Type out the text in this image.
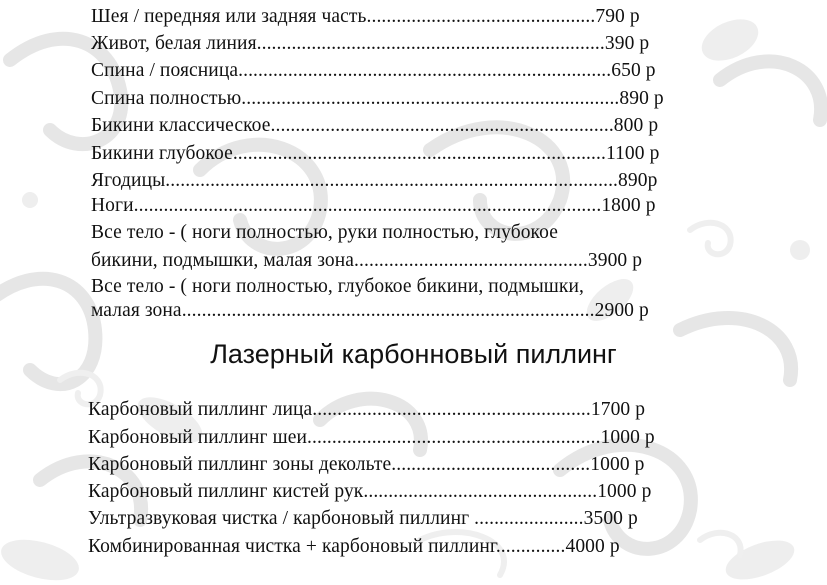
Шея / передняя или задняя часть..............................................790 р
Живот, белая линия......................................................................390 р
Спина / поясница...........................................................................650 р
Спина полностью............................................................................890 р
Бикини классическое.....................................................................800 р
Бикини глубокое...........................................................................1100 р
Ягодицы...........................................................................................890р
Ноги..............................................................................................1800 р
Все тело - ( ноги полностью, руки полностью, глубокое
бикини, подмышки, малая зона...............................................3900 р
Все тело - ( ноги полностью, глубокое бикини, подмышки,
малая зона...................................................................................2900 р
Лазерный карбонновый пиллинг
Карбоновый пиллинг лица........................................................1700 р
Карбоновый пиллинг шеи...........................................................1000 р
Карбоновый пиллинг зоны декольте........................................1000 р
Карбоновый пиллинг кистей рук...............................................1000 р
Ультразвуковая чистка / карбоновый пиллинг ......................3500 р
Комбинированная чистка + карбоновый пиллинг..............4000 р
